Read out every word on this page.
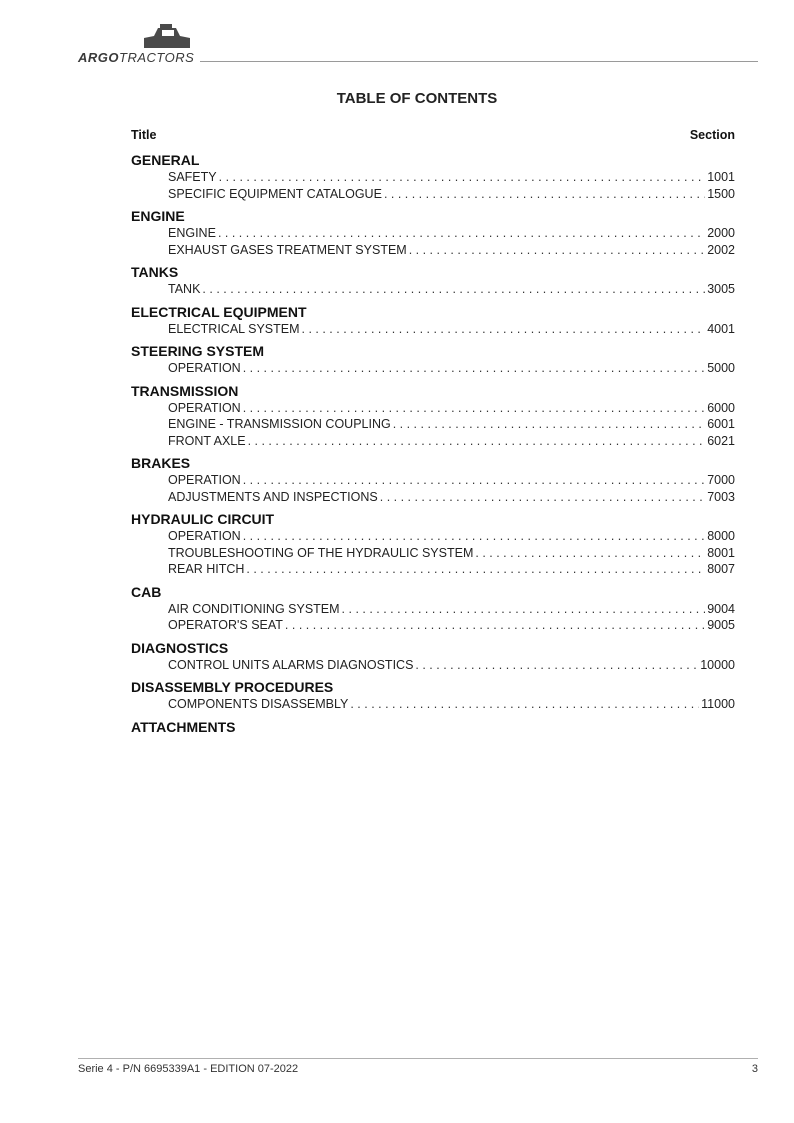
ARGOTRACTORS
TABLE OF CONTENTS
Title	Section
GENERAL
SAFETY . . .	1001
SPECIFIC EQUIPMENT CATALOGUE . . .	1500
ENGINE
ENGINE . . .	2000
EXHAUST GASES TREATMENT SYSTEM . . .	2002
TANKS
TANK . . .	3005
ELECTRICAL EQUIPMENT
ELECTRICAL SYSTEM . . .	4001
STEERING SYSTEM
OPERATION . . .	5000
TRANSMISSION
OPERATION . . .	6000
ENGINE - TRANSMISSION COUPLING . . .	6001
FRONT AXLE . . .	6021
BRAKES
OPERATION . . .	7000
ADJUSTMENTS AND INSPECTIONS . . .	7003
HYDRAULIC CIRCUIT
OPERATION . . .	8000
TROUBLESHOOTING OF THE HYDRAULIC SYSTEM . . .	8001
REAR HITCH . . .	8007
CAB
AIR CONDITIONING SYSTEM . . .	9004
OPERATOR'S SEAT . . .	9005
DIAGNOSTICS
CONTROL UNITS ALARMS DIAGNOSTICS . . .	10000
DISASSEMBLY PROCEDURES
COMPONENTS DISASSEMBLY . . .	11000
ATTACHMENTS
Serie 4 - P/N 6695339A1 - EDITION 07-2022	3
